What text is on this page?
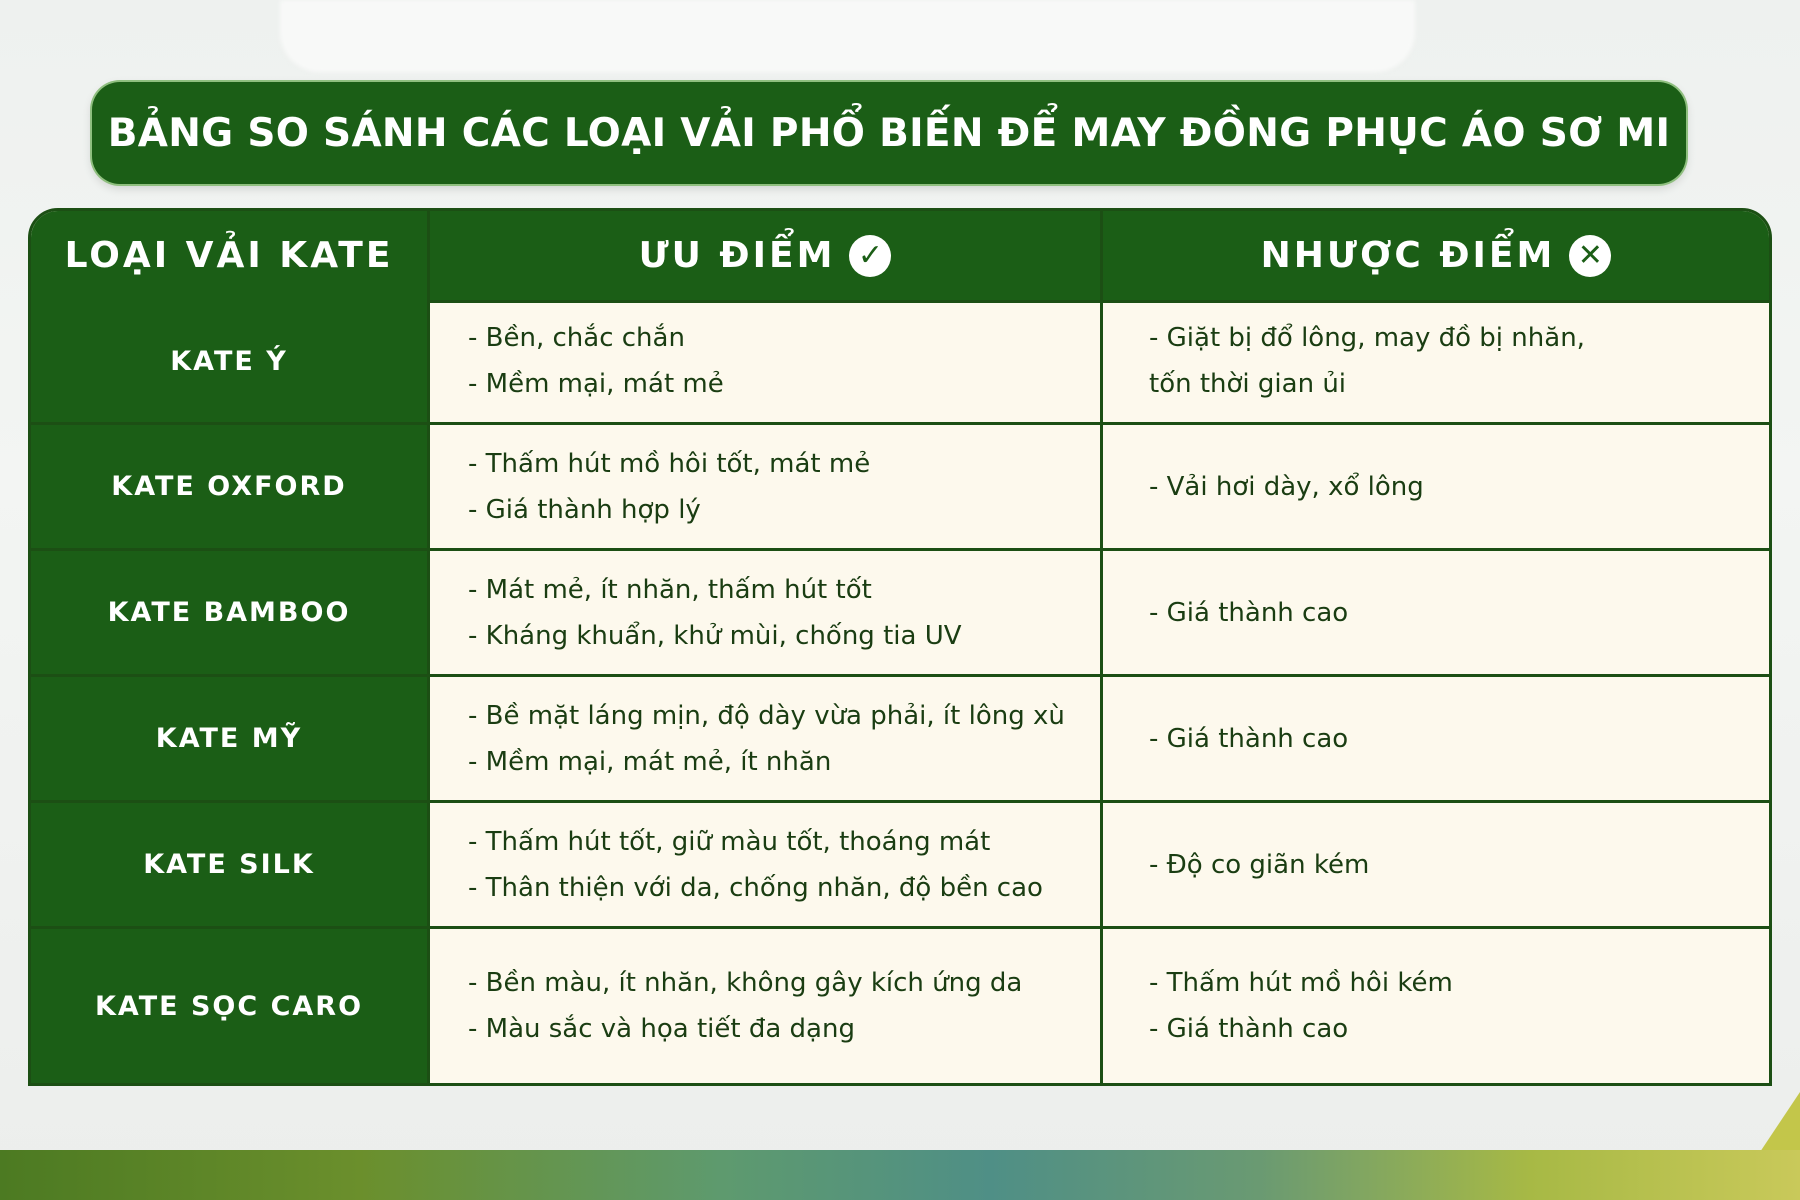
BẢNG SO SÁNH CÁC LOẠI VẢI PHỔ BIẾN ĐỂ MAY ĐỒNG PHỤC ÁO SƠ MI
LOẠI VẢI KATE	ƯU ĐIỂM ✓	NHƯỢC ĐIỂM ✕
KATE Ý
- Bền, chắc chắn
- Mềm mại, mát mẻ
- Giặt bị đổ lông, may đồ bị nhăn,
tốn thời gian ủi
KATE OXFORD
- Thấm hút mồ hôi tốt, mát mẻ
- Giá thành hợp lý
- Vải hơi dày, xổ lông
KATE BAMBOO
- Mát mẻ, ít nhăn, thấm hút tốt
- Kháng khuẩn, khử mùi, chống tia UV
- Giá thành cao
KATE MỸ
- Bề mặt láng mịn, độ dày vừa phải, ít lông xù
- Mềm mại, mát mẻ, ít nhăn
- Giá thành cao
KATE SILK
- Thấm hút tốt, giữ màu tốt, thoáng mát
- Thân thiện với da, chống nhăn, độ bền cao
- Độ co giãn kém
KATE SỌC CARO
- Bền màu, ít nhăn, không gây kích ứng da
- Màu sắc và họa tiết đa dạng
- Thấm hút mồ hôi kém
- Giá thành cao
